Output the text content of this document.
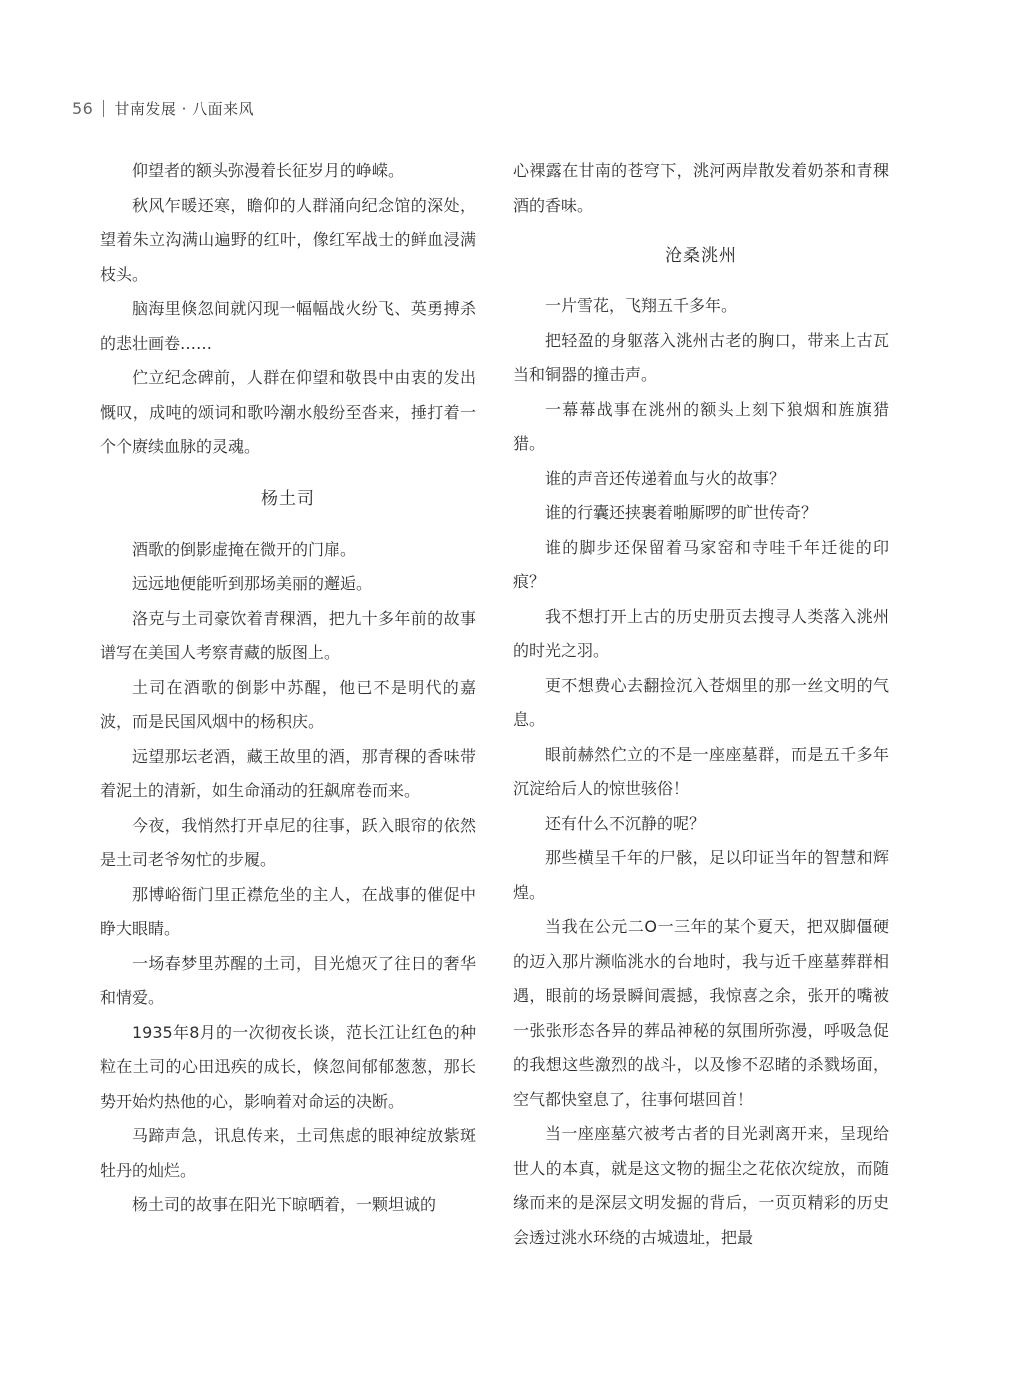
56 甘南发展 · 八面来风

仰望者的额头弥漫着长征岁月的峥嵘。

秋风乍暖还寒，瞻仰的人群涌向纪念馆的深处，望着朱立沟满山遍野的红叶，像红军战士的鲜血浸满枝头。

脑海里倏忽间就闪现一幅幅战火纷飞、英勇搏杀的悲壮画卷……

伫立纪念碑前，人群在仰望和敬畏中由衷的发出慨叹，成吨的颂词和歌吟潮水般纷至沓来，捶打着一个个赓续血脉的灵魂。

杨土司

酒歌的倒影虚掩在微开的门扉。

远远地便能听到那场美丽的邂逅。

洛克与土司豪饮着青稞酒，把九十多年前的故事谱写在美国人考察青藏的版图上。

土司在酒歌的倒影中苏醒，他已不是明代的嘉波，而是民国风烟中的杨积庆。

远望那坛老酒，藏王故里的酒，那青稞的香味带着泥土的清新，如生命涌动的狂飙席卷而来。

今夜，我悄然打开卓尼的往事，跃入眼帘的依然是土司老爷匆忙的步履。

那博峪衙门里正襟危坐的主人，在战事的催促中睁大眼睛。

一场春梦里苏醒的土司，目光熄灭了往日的奢华和情爱。

1935年8月的一次彻夜长谈，范长江让红色的种粒在土司的心田迅疾的成长，倏忽间郁郁葱葱，那长势开始灼热他的心，影响着对命运的决断。

马蹄声急，讯息传来，土司焦虑的眼神绽放紫斑牡丹的灿烂。

杨土司的故事在阳光下晾晒着，一颗坦诚的

心裸露在甘南的苍穹下，洮河两岸散发着奶茶和青稞酒的香味。

沧桑洮州

一片雪花，飞翔五千多年。

把轻盈的身躯落入洮州古老的胸口，带来上古瓦当和铜器的撞击声。

一幕幕战事在洮州的额头上刻下狼烟和旌旗猎猎。

谁的声音还传递着血与火的故事？

谁的行囊还挟裹着啪厮啰的旷世传奇？

谁的脚步还保留着马家窑和寺哇千年迁徙的印痕？

我不想打开上古的历史册页去搜寻人类落入洮州的时光之羽。

更不想费心去翻捡沉入苍烟里的那一丝文明的气息。

眼前赫然伫立的不是一座座墓群，而是五千多年沉淀给后人的惊世骇俗！

还有什么不沉静的呢？

那些横呈千年的尸骸，足以印证当年的智慧和辉煌。

当我在公元二O一三年的某个夏天，把双脚僵硬的迈入那片濒临洮水的台地时，我与近千座墓葬群相遇，眼前的场景瞬间震撼，我惊喜之余，张开的嘴被一张张形态各异的葬品神秘的氛围所弥漫，呼吸急促的我想这些激烈的战斗，以及惨不忍睹的杀戮场面，空气都快窒息了，往事何堪回首！

当一座座墓穴被考古者的目光剥离开来，呈现给世人的本真，就是这文物的掘尘之花依次绽放，而随缘而来的是深层文明发掘的背后，一页页精彩的历史会透过洮水环绕的古城遗址，把最
